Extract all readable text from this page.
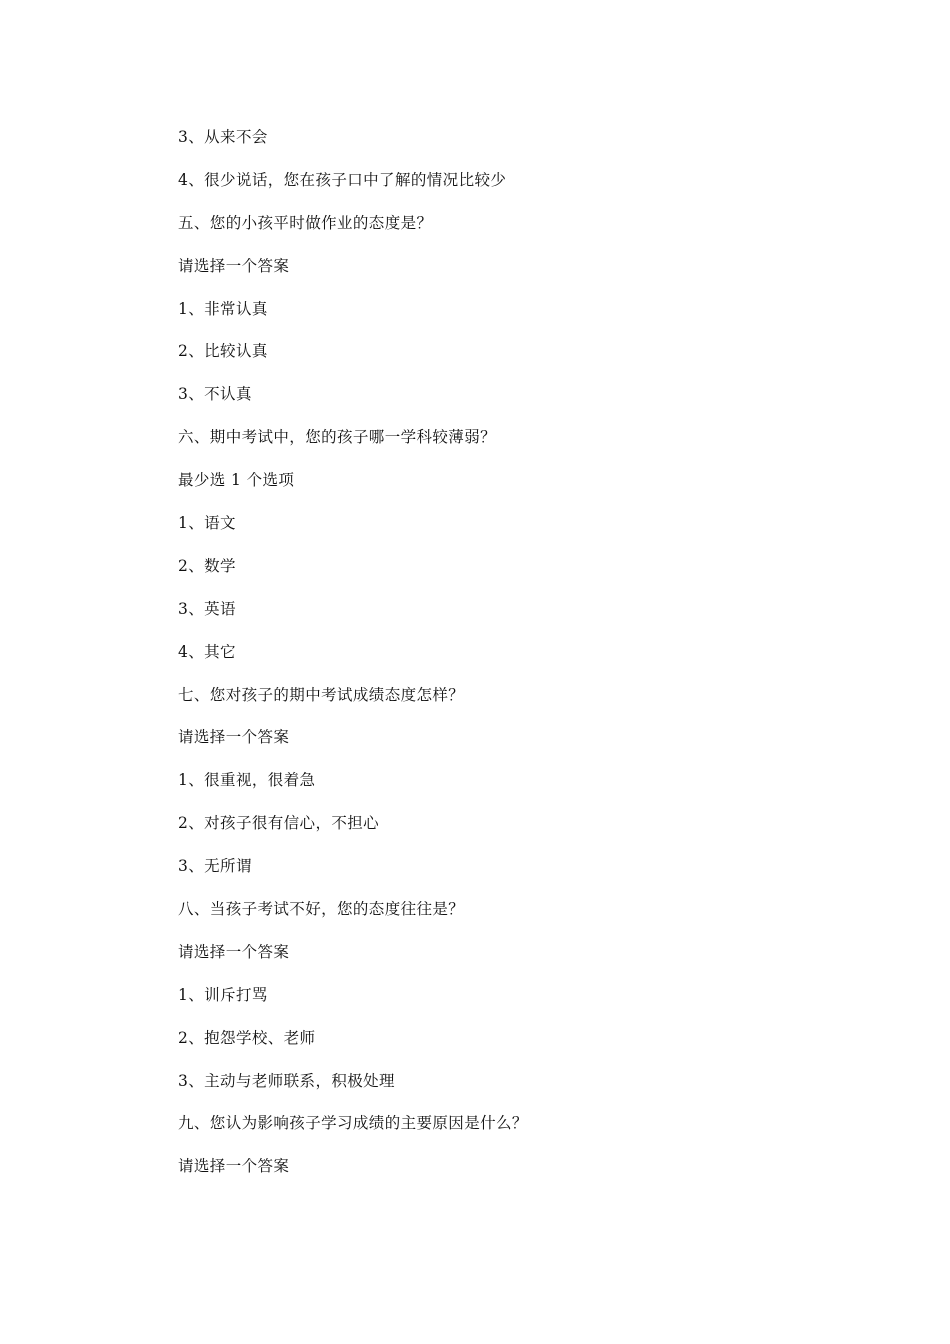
3、从来不会
4、很少说话，您在孩子口中了解的情况比较少
五、您的小孩平时做作业的态度是？
请选择一个答案
1、非常认真
2、比较认真
3、不认真
六、期中考试中，您的孩子哪一学科较薄弱？
最少选 1 个选项
1、语文
2、数学
3、英语
4、其它
七、您对孩子的期中考试成绩态度怎样？
请选择一个答案
1、很重视，很着急
2、对孩子很有信心，不担心
3、无所谓
八、当孩子考试不好，您的态度往往是？
请选择一个答案
1、训斥打骂
2、抱怨学校、老师
3、主动与老师联系，积极处理
九、您认为影响孩子学习成绩的主要原因是什么？
请选择一个答案
